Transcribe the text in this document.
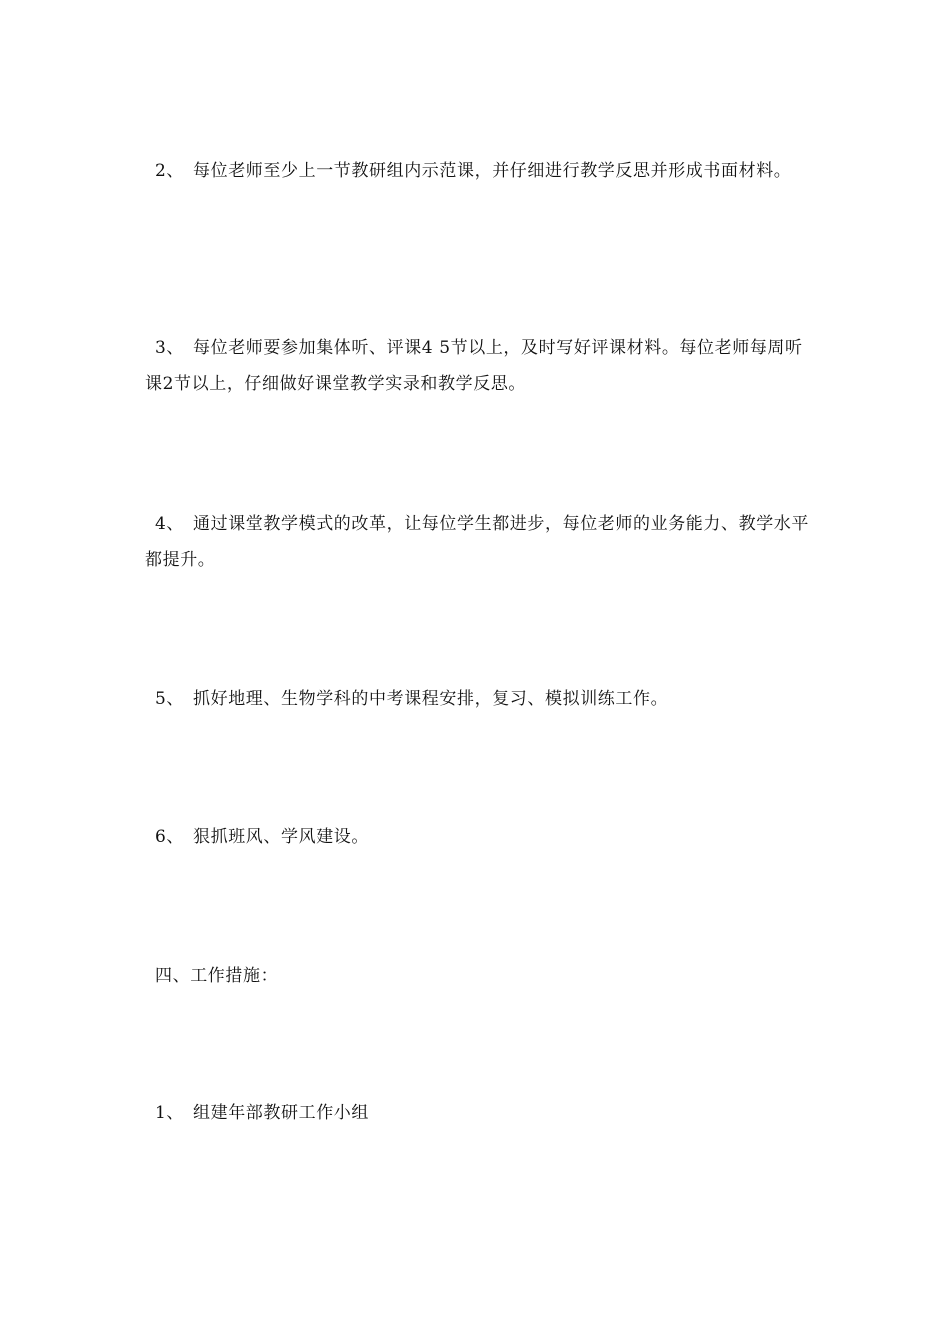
2、 每位老师至少上一节教研组内示范课，并仔细进行教学反思并形成书面材料。

3、 每位老师要参加集体听、评课4 5节以上，及时写好评课材料。每位老师每周听课2节以上，仔细做好课堂教学实录和教学反思。

4、 通过课堂教学模式的改革，让每位学生都进步，每位老师的业务能力、教学水平都提升。

5、 抓好地理、生物学科的中考课程安排，复习、模拟训练工作。

6、 狠抓班风、学风建设。

四、工作措施：

1、 组建年部教研工作小组
